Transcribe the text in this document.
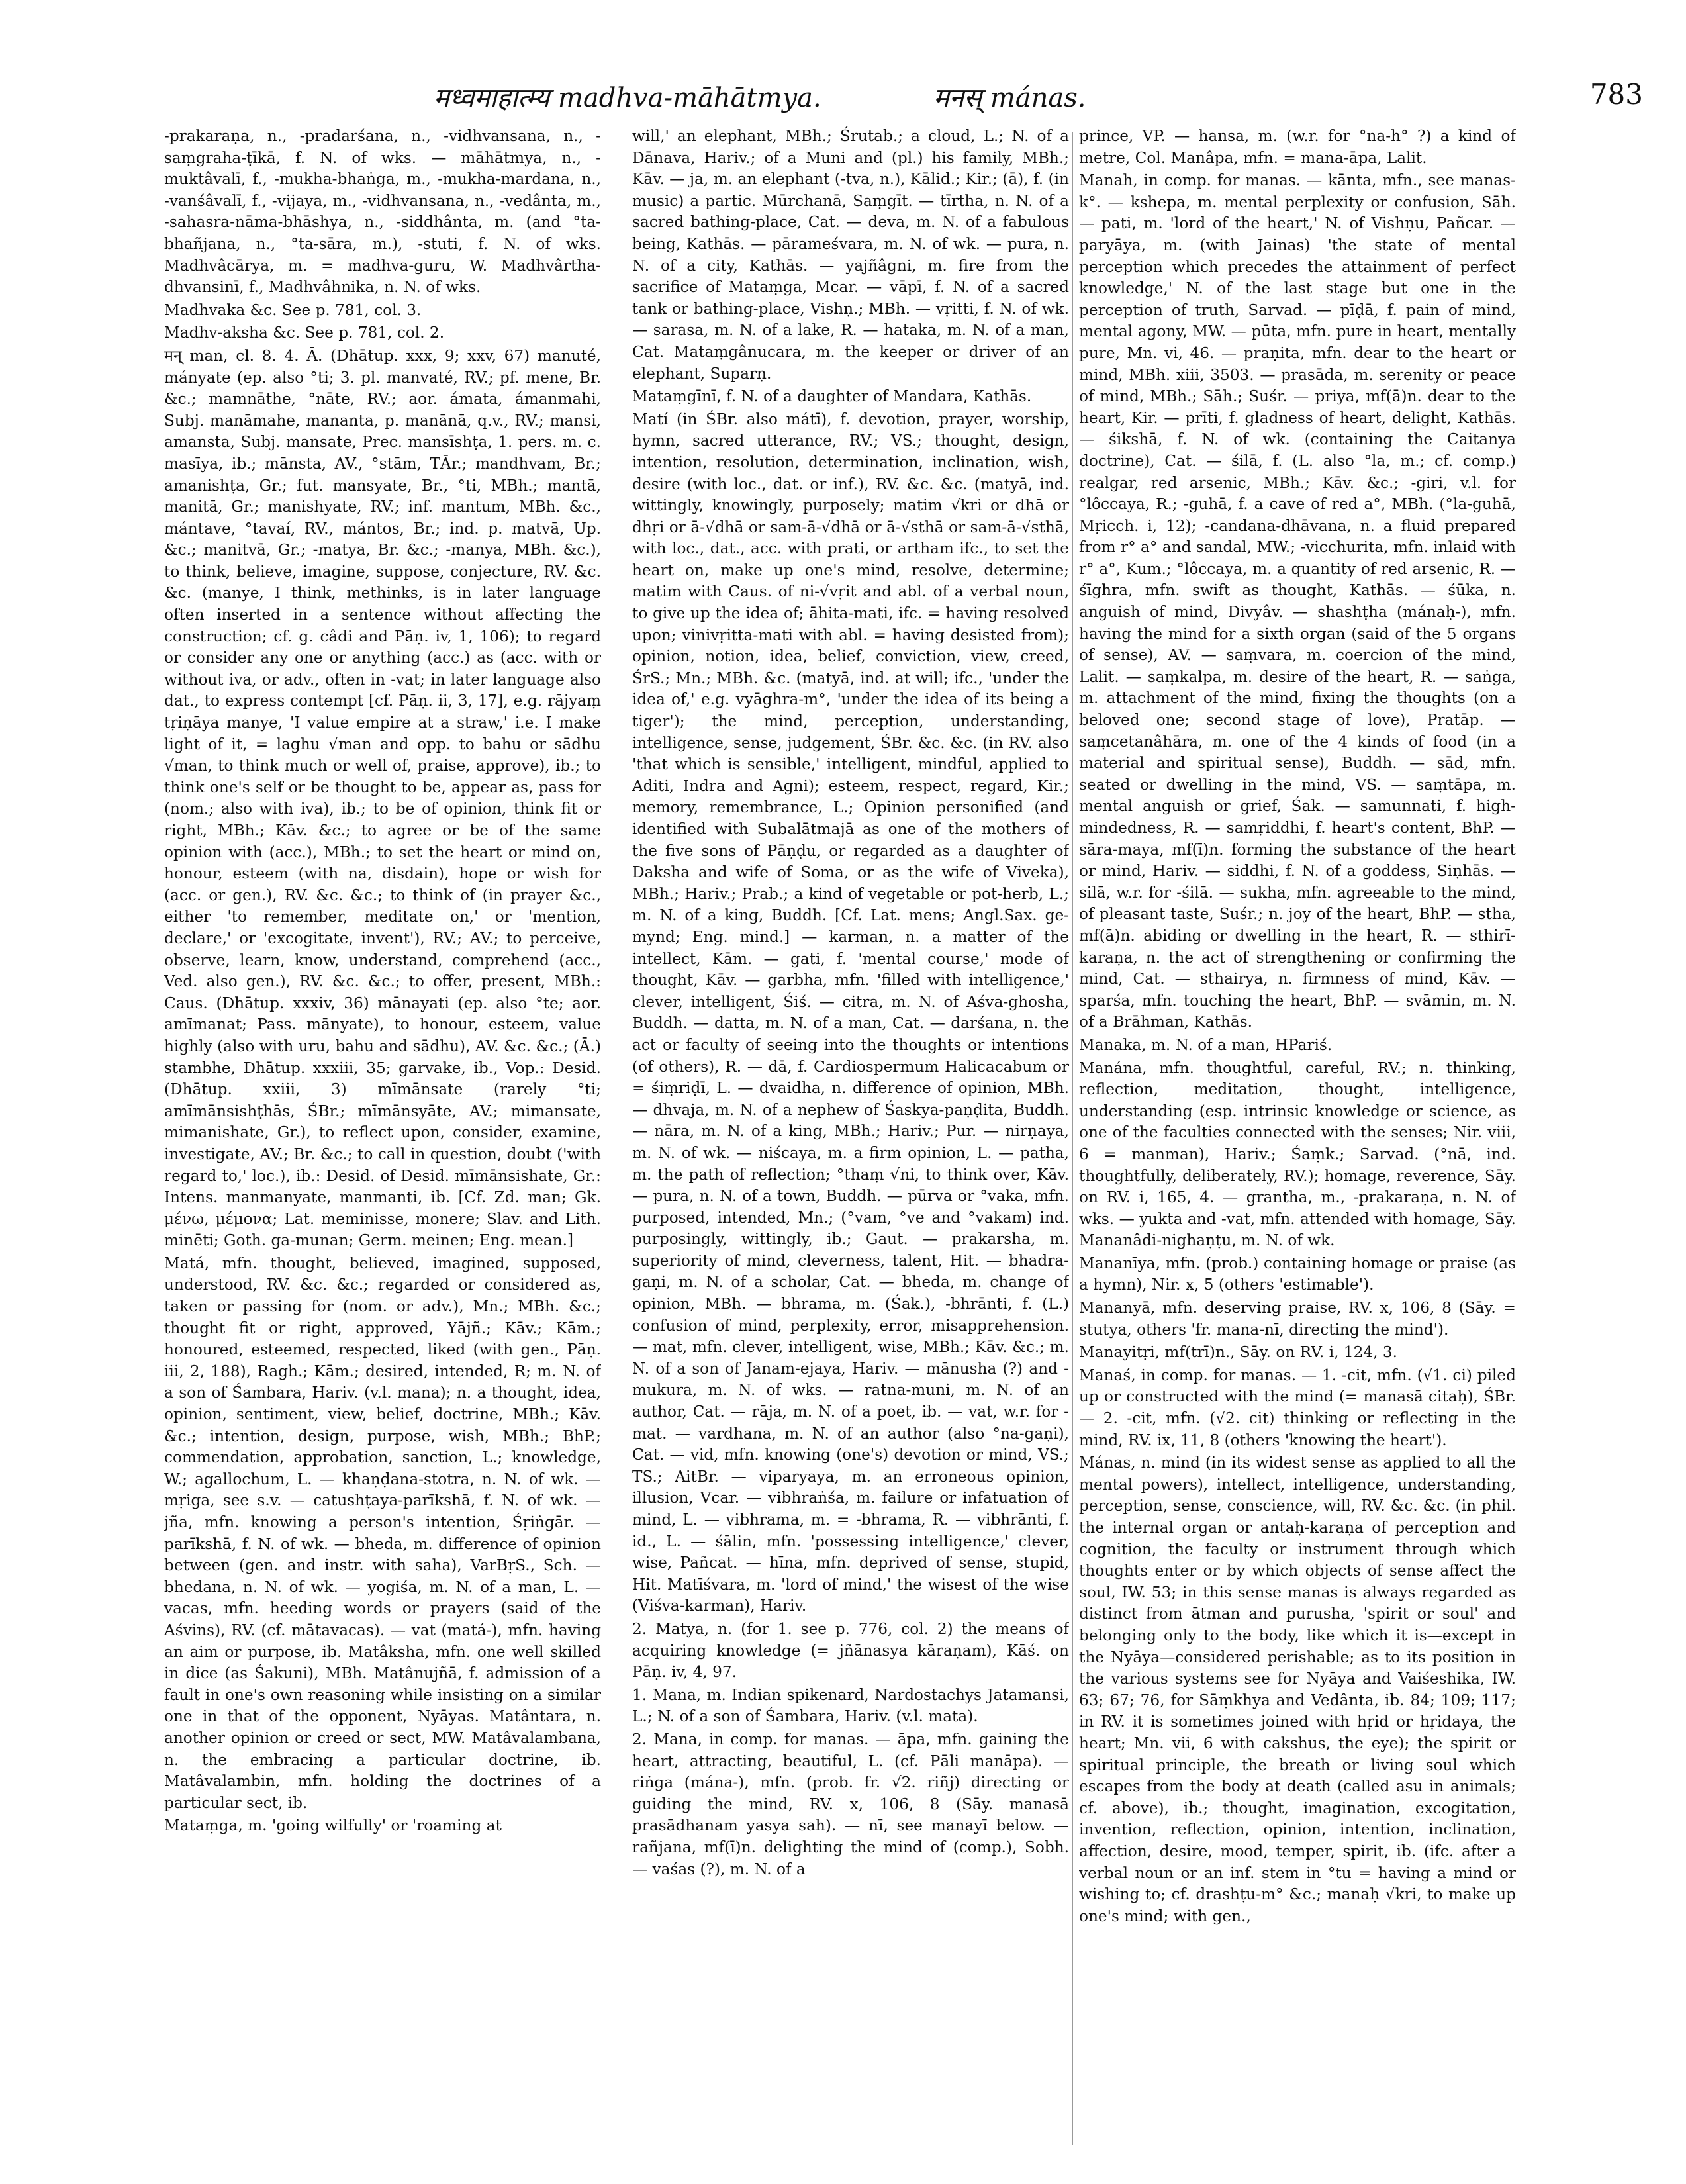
मध्वमाहात्म्य madhva-māhātmya.	मनस् mánas.	783

-prakaraṇa, n., -pradarśana, n., -vidhvansana, n., -saṃgraha-ṭīkā, f. N. of wks. — māhātmya, n., -muktâvalī, f., -mukha-bhaṅga, m., -mukha-mardana, n., -vanśâvalī, f., -vijaya, m., -vidhvansana, n., -vedânta, m., -sahasra-nāma-bhāshya, n., -siddhânta, m. (and °ta-bhañjana, n., °ta-sāra, m.), -stuti, f. N. of wks. Madhvâcārya, m. = madhva-guru, W. Madhvârtha-dhvansinī, f., Madhvâhnika, n. N. of wks.

Madhvaka &c. See p. 781, col. 3.

Madhv-aksha &c. See p. 781, col. 2.

मन् man, cl. 8. 4. Ā. (Dhātup. xxx, 9; xxv, 67) manuté, mányate (ep. also °ti; 3. pl. manvaté, RV.; pf. mene, Br. &c.; mamnāthe, °nāte, RV.; aor. ámata, ámanmahi, Subj. manāmahe, mananta, p. manānā, q.v., RV.; mansi, amansta, Subj. mansate, Prec. mansīshṭa, 1. pers. m. c. masīya, ib.; mānsta, AV., °stām, TĀr.; mandhvam, Br.; amanishṭa, Gr.; fut. mansyate, Br., °ti, MBh.; mantā, manitā, Gr.; manishyate, RV.; inf. mantum, MBh. &c., mántave, °tavaí, RV., mántos, Br.; ind. p. matvā, Up. &c.; manitvā, Gr.; -matya, Br. &c.; -manya, MBh. &c.), to think, believe, imagine, suppose, conjecture, RV. &c. &c. (manye, I think, methinks, is in later language often inserted in a sentence without affecting the construction; cf. g. câdi and Pāṇ. iv, 1, 106); to regard or consider any one or anything (acc.) as (acc. with or without iva, or adv., often in -vat; in later language also dat., to express contempt [cf. Pāṇ. ii, 3, 17], e.g. rājyaṃ tṛiṇāya manye, 'I value empire at a straw,' i.e. I make light of it, = laghu √man and opp. to bahu or sādhu √man, to think much or well of, praise, approve), ib.; to think one's self or be thought to be, appear as, pass for (nom.; also with iva), ib.; to be of opinion, think fit or right, MBh.; Kāv. &c.; to agree or be of the same opinion with (acc.), MBh.; to set the heart or mind on, honour, esteem (with na, disdain), hope or wish for (acc. or gen.), RV. &c. &c.; to think of (in prayer &c., either 'to remember, meditate on,' or 'mention, declare,' or 'excogitate, invent'), RV.; AV.; to perceive, observe, learn, know, understand, comprehend (acc., Ved. also gen.), RV. &c. &c.; to offer, present, MBh.: Caus. (Dhātup. xxxiv, 36) mānayati (ep. also °te; aor. amīmanat; Pass. mānyate), to honour, esteem, value highly (also with uru, bahu and sādhu), AV. &c. &c.; (Ā.) stambhe, Dhātup. xxxiii, 35; garvake, ib., Vop.: Desid. (Dhātup. xxiii, 3) mīmānsate (rarely °ti; amīmānsishṭhās, ŚBr.; mīmānsyāte, AV.; mimansate, mimanishate, Gr.), to reflect upon, consider, examine, investigate, AV.; Br. &c.; to call in question, doubt ('with regard to,' loc.), ib.: Desid. of Desid. mīmānsishate, Gr.: Intens. manmanyate, manmanti, ib. [Cf. Zd. man; Gk. μένω, μέμονα; Lat. meminisse, monere; Slav. and Lith. minēti; Goth. ga-munan; Germ. meinen; Eng. mean.]

Matá, mfn. thought, believed, imagined, supposed, understood, RV. &c. &c.; regarded or considered as, taken or passing for (nom. or adv.), Mn.; MBh. &c.; thought fit or right, approved, Yājñ.; Kāv.; Kām.; honoured, esteemed, respected, liked (with gen., Pāṇ. iii, 2, 188), Ragh.; Kām.; desired, intended, R; m. N. of a son of Śambara, Hariv. (v.l. mana); n. a thought, idea, opinion, sentiment, view, belief, doctrine, MBh.; Kāv. &c.; intention, design, purpose, wish, MBh.; BhP.; commendation, approbation, sanction, L.; knowledge, W.; agallochum, L. — khaṇḍana-stotra, n. N. of wk. — mṛiga, see s.v. — catushṭaya-parīkshā, f. N. of wk. — jña, mfn. knowing a person's intention, Śṛiṅgār. — parīkshā, f. N. of wk. — bheda, m. difference of opinion between (gen. and instr. with saha), VarBṛS., Sch. — bhedana, n. N. of wk. — yogiśa, m. N. of a man, L. — vacas, mfn. heeding words or prayers (said of the Aśvins), RV. (cf. mātavacas). — vat (matá-), mfn. having an aim or purpose, ib. Matâksha, mfn. one well skilled in dice (as Śakuni), MBh. Matânujñā, f. admission of a fault in one's own reasoning while insisting on a similar one in that of the opponent, Nyāyas. Matântara, n. another opinion or creed or sect, MW. Matâvalambana, n. the embracing a particular doctrine, ib. Matâvalambin, mfn. holding the doctrines of a particular sect, ib.

Mataṃga, m. 'going wilfully' or 'roaming at

will,' an elephant, MBh.; Śrutab.; a cloud, L.; N. of a Dānava, Hariv.; of a Muni and (pl.) his family, MBh.; Kāv. — ja, m. an elephant (-tva, n.), Kālid.; Kir.; (ā), f. (in music) a partic. Mūrchanā, Saṃgīt. — tīrtha, n. N. of a sacred bathing-place, Cat. — deva, m. N. of a fabulous being, Kathās. — pārameśvara, m. N. of wk. — pura, n. N. of a city, Kathās. — yajñâgni, m. fire from the sacrifice of Mataṃga, Mcar. — vāpī, f. N. of a sacred tank or bathing-place, Vishṇ.; MBh. — vṛitti, f. N. of wk. — sarasa, m. N. of a lake, R. — hataka, m. N. of a man, Cat. Mataṃgânucara, m. the keeper or driver of an elephant, Suparṇ.

Mataṃgīnī, f. N. of a daughter of Mandara, Kathās.

Matí (in ŚBr. also mátī), f. devotion, prayer, worship, hymn, sacred utterance, RV.; VS.; thought, design, intention, resolution, determination, inclination, wish, desire (with loc., dat. or inf.), RV. &c. &c. (matyā, ind. wittingly, knowingly, purposely; matim √kri or dhā or dhṛi or ā-√dhā or sam-ā-√dhā or ā-√sthā or sam-ā-√sthā, with loc., dat., acc. with prati, or artham ifc., to set the heart on, make up one's mind, resolve, determine; matim with Caus. of ni-√vṛit and abl. of a verbal noun, to give up the idea of; āhita-mati, ifc. = having resolved upon; vinivṛitta-mati with abl. = having desisted from); opinion, notion, idea, belief, conviction, view, creed, ŚrS.; Mn.; MBh. &c. (matyā, ind. at will; ifc., 'under the idea of,' e.g. vyāghra-m°, 'under the idea of its being a tiger'); the mind, perception, understanding, intelligence, sense, judgement, ŚBr. &c. &c. (in RV. also 'that which is sensible,' intelligent, mindful, applied to Aditi, Indra and Agni); esteem, respect, regard, Kir.; memory, remembrance, L.; Opinion personified (and identified with Subalātmajā as one of the mothers of the five sons of Pāṇḍu, or regarded as a daughter of Daksha and wife of Soma, or as the wife of Viveka), MBh.; Hariv.; Prab.; a kind of vegetable or pot-herb, L.; m. N. of a king, Buddh. [Cf. Lat. mens; Angl.Sax. ge-mynd; Eng. mind.] — karman, n. a matter of the intellect, Kām. — gati, f. 'mental course,' mode of thought, Kāv. — garbha, mfn. 'filled with intelligence,' clever, intelligent, Śiś. — citra, m. N. of Aśva-ghosha, Buddh. — datta, m. N. of a man, Cat. — darśana, n. the act or faculty of seeing into the thoughts or intentions (of others), R. — dā, f. Cardiospermum Halicacabum or = śiṃriḍī, L. — dvaidha, n. difference of opinion, MBh. — dhvaja, m. N. of a nephew of Śaskya-paṇḍita, Buddh. — nāra, m. N. of a king, MBh.; Hariv.; Pur. — nirṇaya, m. N. of wk. — niścaya, m. a firm opinion, L. — patha, m. the path of reflection; °thaṃ √ni, to think over, Kāv. — pura, n. N. of a town, Buddh. — pūrva or °vaka, mfn. purposed, intended, Mn.; (°vam, °ve and °vakam) ind. purposingly, wittingly, ib.; Gaut. — prakarsha, m. superiority of mind, cleverness, talent, Hit. — bhadra-gaṇi, m. N. of a scholar, Cat. — bheda, m. change of opinion, MBh. — bhrama, m. (Śak.), -bhrānti, f. (L.) confusion of mind, perplexity, error, misapprehension. — mat, mfn. clever, intelligent, wise, MBh.; Kāv. &c.; m. N. of a son of Janam-ejaya, Hariv. — mānusha (?) and -mukura, m. N. of wks. — ratna-muni, m. N. of an author, Cat. — rāja, m. N. of a poet, ib. — vat, w.r. for -mat. — vardhana, m. N. of an author (also °na-gaṇi), Cat. — vid, mfn. knowing (one's) devotion or mind, VS.; TS.; AitBr. — viparyaya, m. an erroneous opinion, illusion, Vcar. — vibhraṅśa, m. failure or infatuation of mind, L. — vibhrama, m. = -bhrama, R. — vibhrānti, f. id., L. — śālin, mfn. 'possessing intelligence,' clever, wise, Pañcat. — hīna, mfn. deprived of sense, stupid, Hit. Matīśvara, m. 'lord of mind,' the wisest of the wise (Viśva-karman), Hariv.

2. Matya, n. (for 1. see p. 776, col. 2) the means of acquiring knowledge (= jñānasya kāraṇam), Kāś. on Pāṇ. iv, 4, 97.

1. Mana, m. Indian spikenard, Nardostachys Jatamansi, L.; N. of a son of Śambara, Hariv. (v.l. mata).

2. Mana, in comp. for manas. — āpa, mfn. gaining the heart, attracting, beautiful, L. (cf. Pāli manāpa). — riṅga (mána-), mfn. (prob. fr. √2. riñj) directing or guiding the mind, RV. x, 106, 8 (Sāy. manasā prasādhanam yasya sah). — nī, see manayī below. — rañjana, mf(ī)n. delighting the mind of (comp.), Sobh. — vaśas (?), m. N. of a

prince, VP. — hansa, m. (w.r. for °na-h° ?) a kind of metre, Col. Manâpa, mfn. = mana-āpa, Lalit.

Manah, in comp. for manas. — kānta, mfn., see manas-k°. — kshepa, m. mental perplexity or confusion, Sāh. — pati, m. 'lord of the heart,' N. of Vishṇu, Pañcar. — paryāya, m. (with Jainas) 'the state of mental perception which precedes the attainment of perfect knowledge,' N. of the last stage but one in the perception of truth, Sarvad. — pīḍā, f. pain of mind, mental agony, MW. — pūta, mfn. pure in heart, mentally pure, Mn. vi, 46. — praṇita, mfn. dear to the heart or mind, MBh. xiii, 3503. — prasāda, m. serenity or peace of mind, MBh.; Sāh.; Suśr. — priya, mf(ā)n. dear to the heart, Kir. — prīti, f. gladness of heart, delight, Kathās. — śikshā, f. N. of wk. (containing the Caitanya doctrine), Cat. — śilā, f. (L. also °la, m.; cf. comp.) realgar, red arsenic, MBh.; Kāv. &c.; -giri, v.l. for °lôccaya, R.; -guhā, f. a cave of red a°, MBh. (°la-guhā, Mṛicch. i, 12); -candana-dhāvana, n. a fluid prepared from r° a° and sandal, MW.; -vicchurita, mfn. inlaid with r° a°, Kum.; °lôccaya, m. a quantity of red arsenic, R. — śīghra, mfn. swift as thought, Kathās. — śūka, n. anguish of mind, Divyâv. — shashṭha (mánaḥ-), mfn. having the mind for a sixth organ (said of the 5 organs of sense), AV. — saṃvara, m. coercion of the mind, Lalit. — saṃkalpa, m. desire of the heart, R. — saṅga, m. attachment of the mind, fixing the thoughts (on a beloved one; second stage of love), Pratāp. — saṃcetanâhāra, m. one of the 4 kinds of food (in a material and spiritual sense), Buddh. — sād, mfn. seated or dwelling in the mind, VS. — saṃtāpa, m. mental anguish or grief, Śak. — samunnati, f. high-mindedness, R. — samṛiddhi, f. heart's content, BhP. — sāra-maya, mf(ī)n. forming the substance of the heart or mind, Hariv. — siddhi, f. N. of a goddess, Siṇhās. — silā, w.r. for -śilā. — sukha, mfn. agreeable to the mind, of pleasant taste, Suśr.; n. joy of the heart, BhP. — stha, mf(ā)n. abiding or dwelling in the heart, R. — sthirī-karaṇa, n. the act of strengthening or confirming the mind, Cat. — sthairya, n. firmness of mind, Kāv. — sparśa, mfn. touching the heart, BhP. — svāmin, m. N. of a Brāhman, Kathās.

Manaka, m. N. of a man, HPariś.

Manána, mfn. thoughtful, careful, RV.; n. thinking, reflection, meditation, thought, intelligence, understanding (esp. intrinsic knowledge or science, as one of the faculties connected with the senses; Nir. viii, 6 = manman), Hariv.; Śaṃk.; Sarvad. (°nā, ind. thoughtfully, deliberately, RV.); homage, reverence, Sāy. on RV. i, 165, 4. — grantha, m., -prakaraṇa, n. N. of wks. — yukta and -vat, mfn. attended with homage, Sāy. Mananâdi-nighaṇṭu, m. N. of wk.

Mananīya, mfn. (prob.) containing homage or praise (as a hymn), Nir. x, 5 (others 'estimable').

Mananyā, mfn. deserving praise, RV. x, 106, 8 (Sāy. = stutya, others 'fr. mana-nī, directing the mind').

Manayitṛi, mf(trī)n., Sāy. on RV. i, 124, 3.

Manaś, in comp. for manas. — 1. -cit, mfn. (√1. ci) piled up or constructed with the mind (= manasā citaḥ), ŚBr. — 2. -cit, mfn. (√2. cit) thinking or reflecting in the mind, RV. ix, 11, 8 (others 'knowing the heart').

Mánas, n. mind (in its widest sense as applied to all the mental powers), intellect, intelligence, understanding, perception, sense, conscience, will, RV. &c. &c. (in phil. the internal organ or antaḥ-karaṇa of perception and cognition, the faculty or instrument through which thoughts enter or by which objects of sense affect the soul, IW. 53; in this sense manas is always regarded as distinct from ātman and purusha, 'spirit or soul' and belonging only to the body, like which it is—except in the Nyāya—considered perishable; as to its position in the various systems see for Nyāya and Vaiśeshika, IW. 63; 67; 76, for Sāṃkhya and Vedânta, ib. 84; 109; 117; in RV. it is sometimes joined with hṛid or hṛidaya, the heart; Mn. vii, 6 with cakshus, the eye); the spirit or spiritual principle, the breath or living soul which escapes from the body at death (called asu in animals; cf. above), ib.; thought, imagination, excogitation, invention, reflection, opinion, intention, inclination, affection, desire, mood, temper, spirit, ib. (ifc. after a verbal noun or an inf. stem in °tu = having a mind or wishing to; cf. drashṭu-m° &c.; manaḥ √kri, to make up one's mind; with gen.,
